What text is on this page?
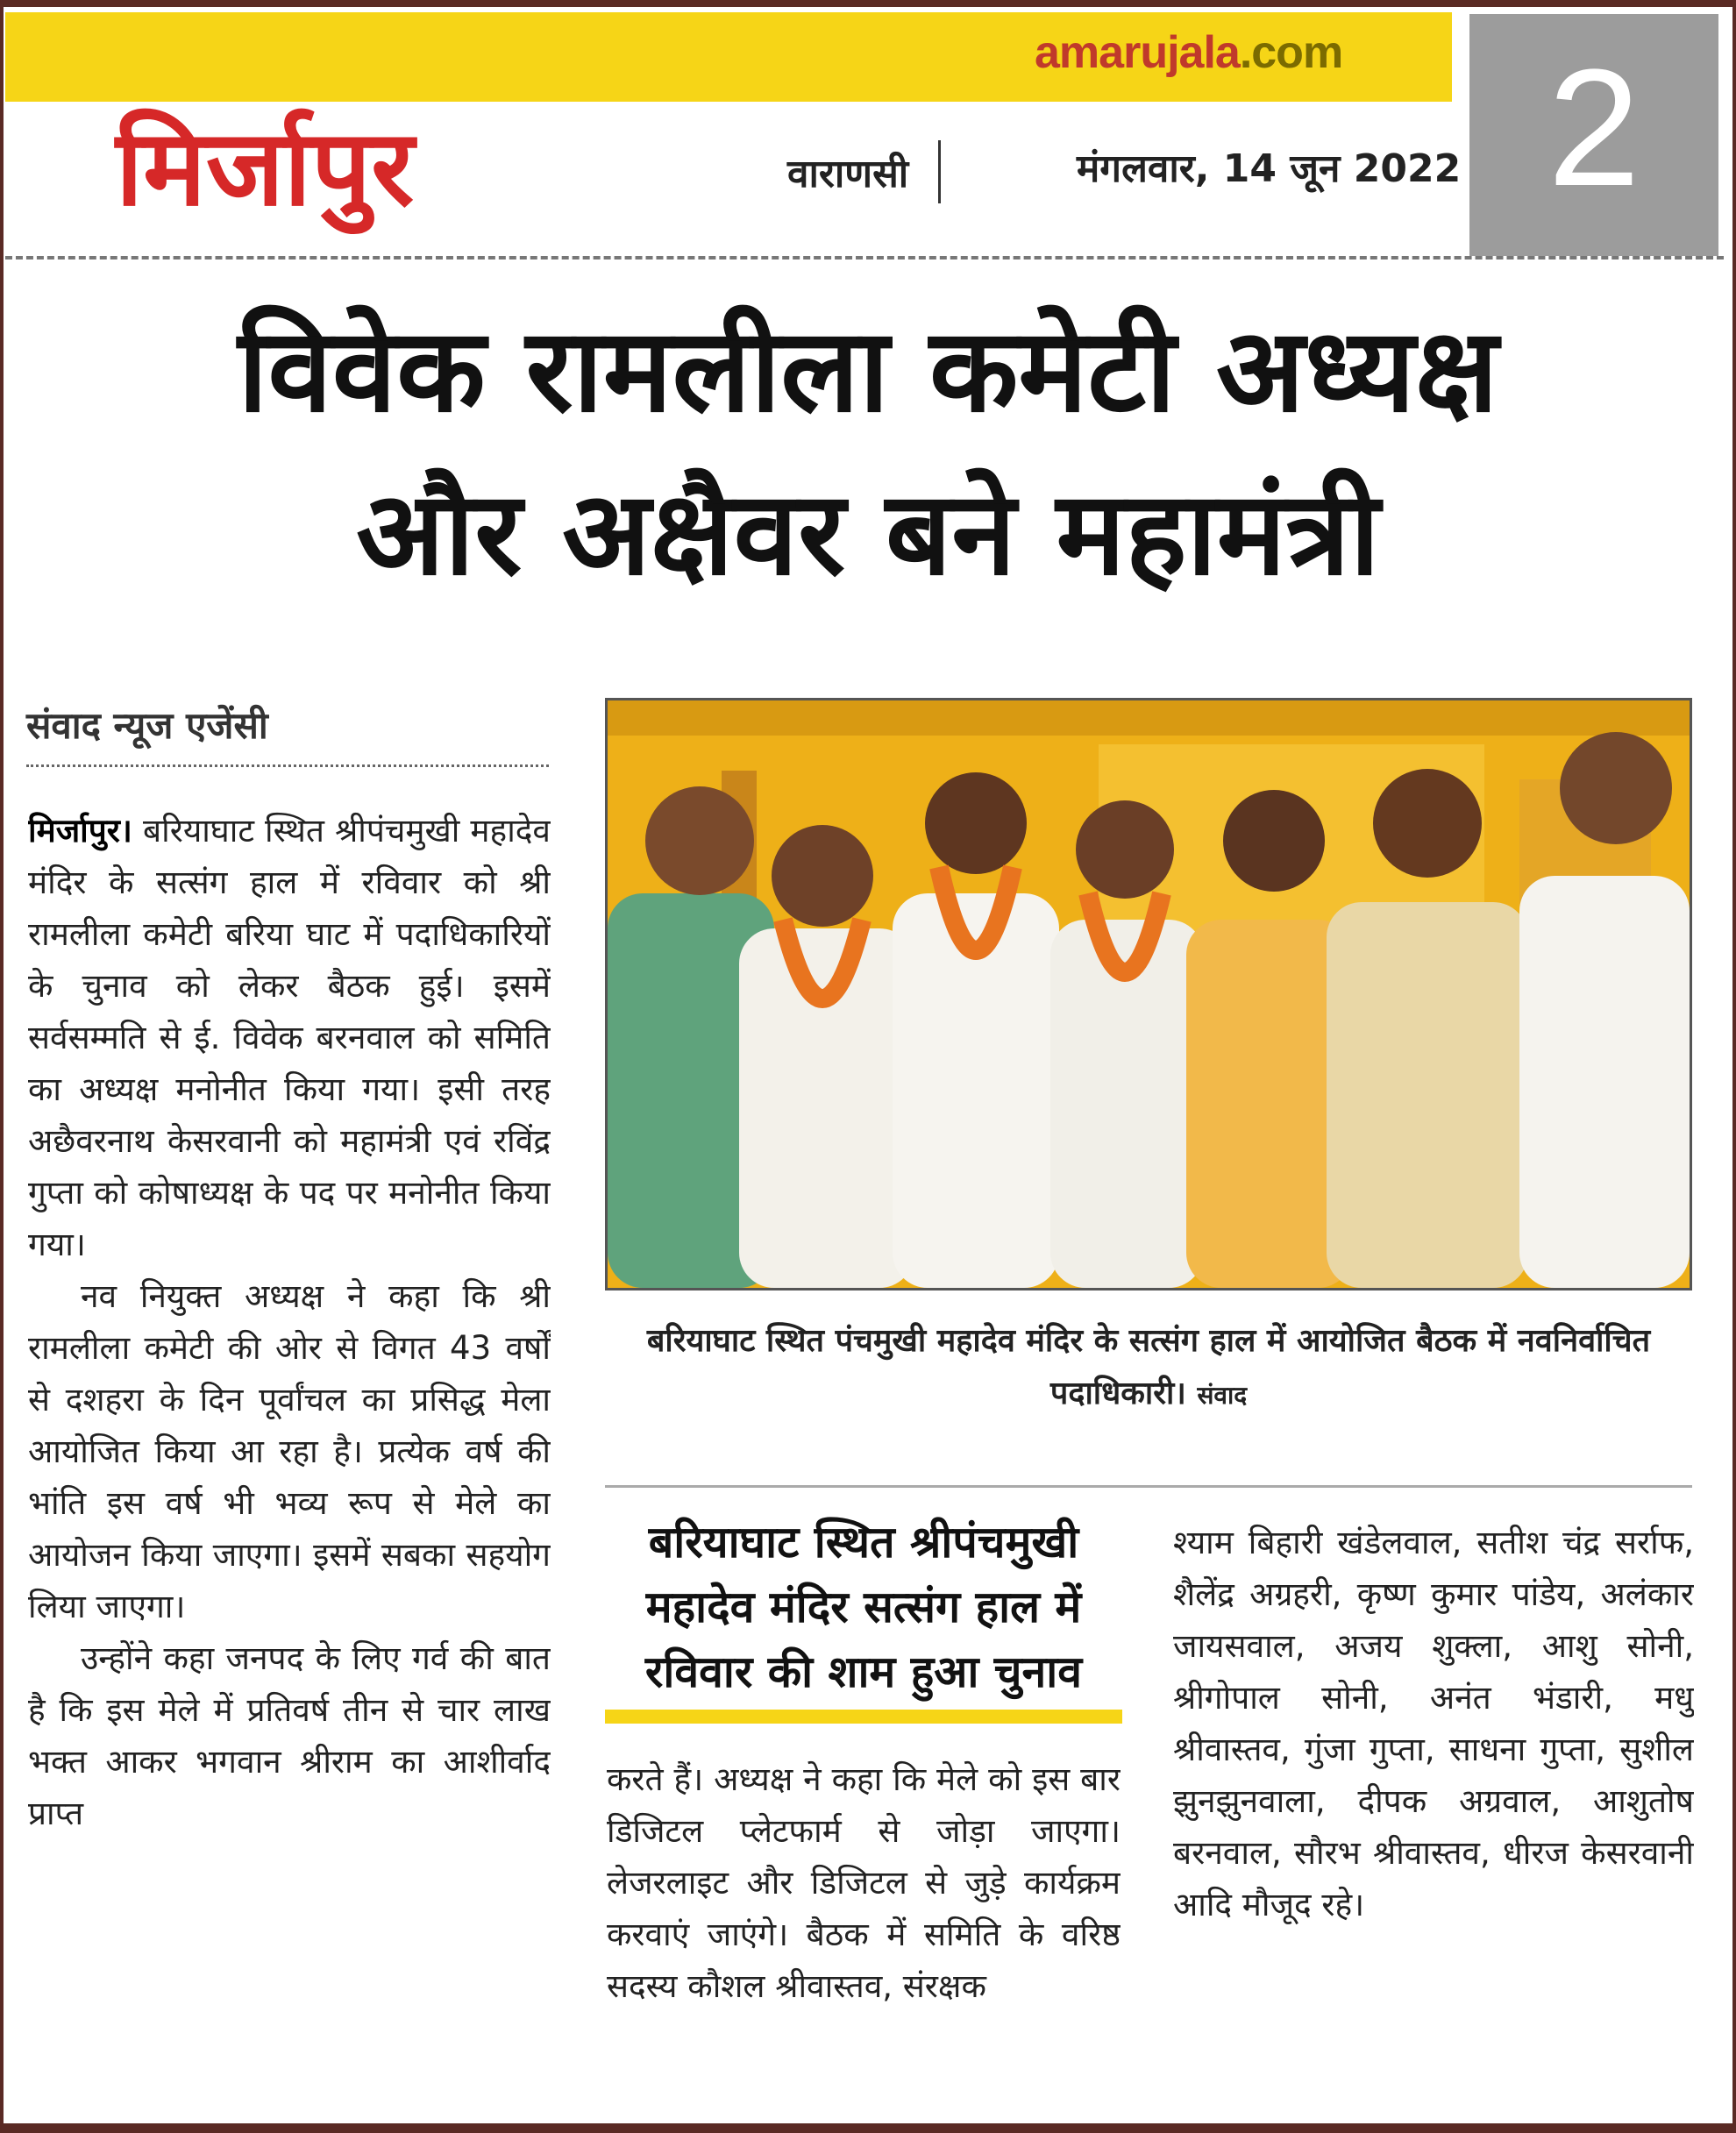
amarujala.com	2
मिर्जापुर	वाराणसी	मंगलवार, 14 जून 2022
विवेक रामलीला कमेटी अध्यक्ष
और अक्षैवर बने महामंत्री
संवाद न्यूज एजेंसी

मिर्जापुर। बरियाघाट स्थित श्रीपंचमुखी महादेव मंदिर के सत्संग हाल में रविवार को श्री रामलीला कमेटी बरिया घाट में पदाधिकारियों के चुनाव को लेकर बैठक हुई। इसमें सर्वसम्मति से ई. विवेक बरनवाल को समिति का अध्यक्ष मनोनीत किया गया। इसी तरह अछैवरनाथ केसरवानी को महामंत्री एवं रविंद्र गुप्ता को कोषाध्यक्ष के पद पर मनोनीत किया गया।

नव नियुक्त अध्यक्ष ने कहा कि श्री रामलीला कमेटी की ओर से विगत 43 वर्षों से दशहरा के दिन पूर्वांचल का प्रसिद्ध मेला आयोजित किया आ रहा है। प्रत्येक वर्ष की भांति इस वर्ष भी भव्य रूप से मेले का आयोजन किया जाएगा। इसमें सबका सहयोग लिया जाएगा।

उन्होंने कहा जनपद के लिए गर्व की बात है कि इस मेले में प्रतिवर्ष तीन से चार लाख भक्त आकर भगवान श्रीराम का आशीर्वाद प्राप्त

बरियाघाट स्थित पंचमुखी महादेव मंदिर के सत्संग हाल में आयोजित बैठक में नवनिर्वाचित पदाधिकारी। संवाद
बरियाघाट स्थित श्रीपंचमुखी महादेव मंदिर सत्संग हाल में रविवार की शाम हुआ चुनाव

करते हैं। अध्यक्ष ने कहा कि मेले को इस बार डिजिटल प्लेटफार्म से जोड़ा जाएगा। लेजरलाइट और डिजिटल से जुड़े कार्यक्रम करवाएं जाएंगे। बैठक में समिति के वरिष्ठ सदस्य कौशल श्रीवास्तव, संरक्षक

श्याम बिहारी खंडेलवाल, सतीश चंद्र सर्राफ, शैलेंद्र अग्रहरी, कृष्ण कुमार पांडेय, अलंकार जायसवाल, अजय शुक्ला, आशु सोनी, श्रीगोपाल सोनी, अनंत भंडारी, मधु श्रीवास्तव, गुंजा गुप्ता, साधना गुप्ता, सुशील झुनझुनवाला, दीपक अग्रवाल, आशुतोष बरनवाल, सौरभ श्रीवास्तव, धीरज केसरवानी आदि मौजूद रहे।
